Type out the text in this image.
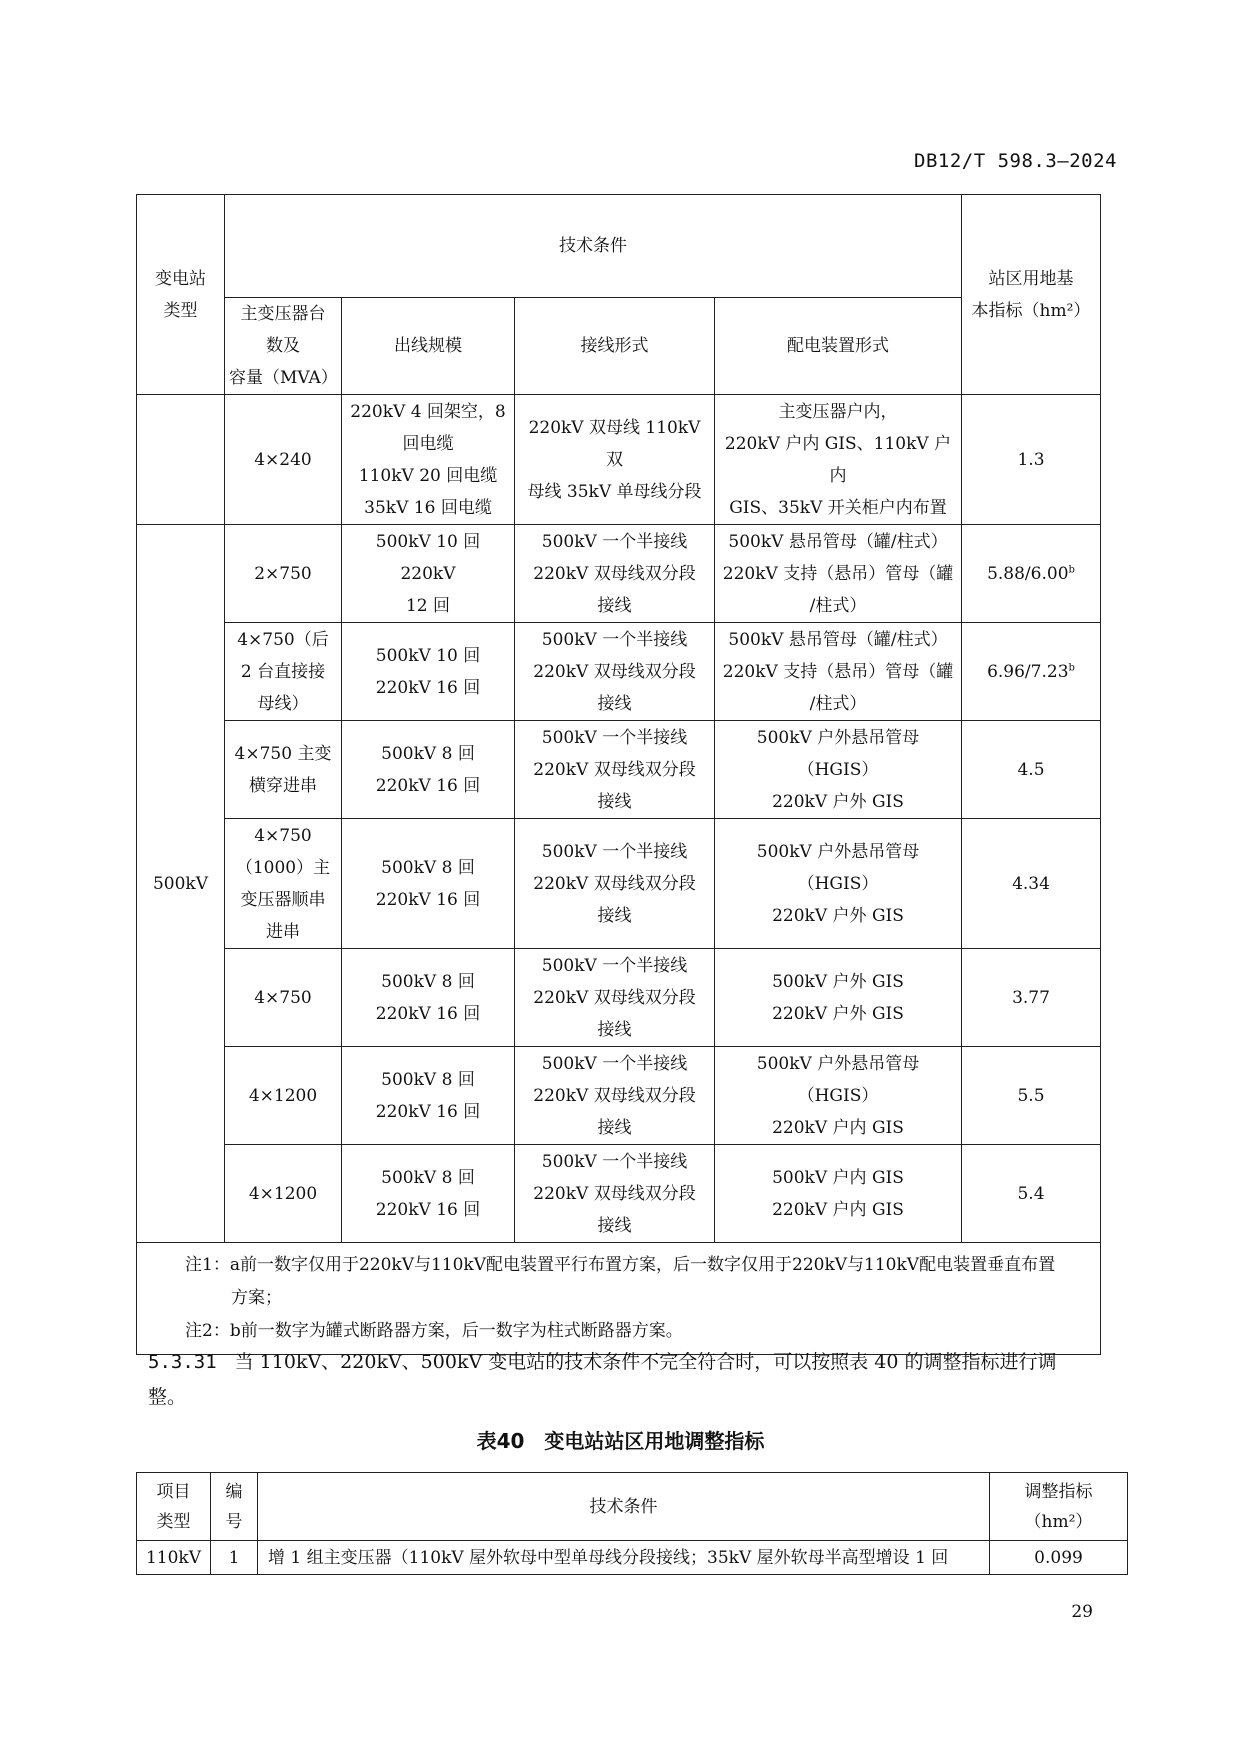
DB12/T 598.3—2024
变电站
类型	技术条件				站区用地基
本指标（hm²）
	主变压器台
数及
容量（MVA）	出线规模	接线形式	配电装置形式	
	4×240	220kV 4 回架空，8
回电缆
110kV 20 回电缆
35kV 16 回电缆	220kV 双母线 110kV 双
母线 35kV 单母线分段	主变压器户内，
220kV 户内 GIS、110kV 户内
GIS、35kV 开关柜户内布置	1.3
500kV	2×750	500kV 10 回 220kV
12 回	500kV 一个半接线
220kV 双母线双分段
接线	500kV 悬吊管母（罐/柱式）
220kV 支持（悬吊）管母（罐
/柱式）	5.88/6.00$^b$
	4×750（后
2 台直接接
母线）	500kV 10 回
220kV 16 回	500kV 一个半接线
220kV 双母线双分段
接线	500kV 悬吊管母（罐/柱式）
220kV 支持（悬吊）管母（罐
/柱式）	6.96/7.23$^b$
	4×750 主变
横穿进串	500kV 8 回
220kV 16 回	500kV 一个半接线
220kV 双母线双分段
接线	500kV 户外悬吊管母（HGIS）
220kV 户外 GIS	4.5
	4×750
（1000）主
变压器顺串
进串	500kV 8 回
220kV 16 回	500kV 一个半接线
220kV 双母线双分段
接线	500kV 户外悬吊管母（HGIS）
220kV 户外 GIS	4.34
	4×750	500kV 8 回
220kV 16 回	500kV 一个半接线
220kV 双母线双分段
接线	500kV 户外 GIS
220kV 户外 GIS	3.77
	4×1200	500kV 8 回
220kV 16 回	500kV 一个半接线
220kV 双母线双分段
接线	500kV 户外悬吊管母
（HGIS）
220kV 户内 GIS	5.5
	4×1200	500kV 8 回
220kV 16 回	500kV 一个半接线
220kV 双母线双分段
接线	500kV 户内 GIS
220kV 户内 GIS	5.4

注1：a前一数字仅用于220kV与110kV配电装置平行布置方案，后一数字仅用于220kV与110kV配电装置垂直布置
方案；
注2：b前一数字为罐式断路器方案，后一数字为柱式断路器方案。					
5.3.31 当 110kV、220kV、500kV 变电站的技术条件不完全符合时，可以按照表 40 的调整指标进行调
整。
表40　变电站站区用地调整指标
项目
类型	编
号	技术条件	调整指标
（hm²）
110kV	1	增 1 组主变压器（110kV 屋外软母中型单母线分段接线；35kV 屋外软母半高型增设 1 回	0.099
29
